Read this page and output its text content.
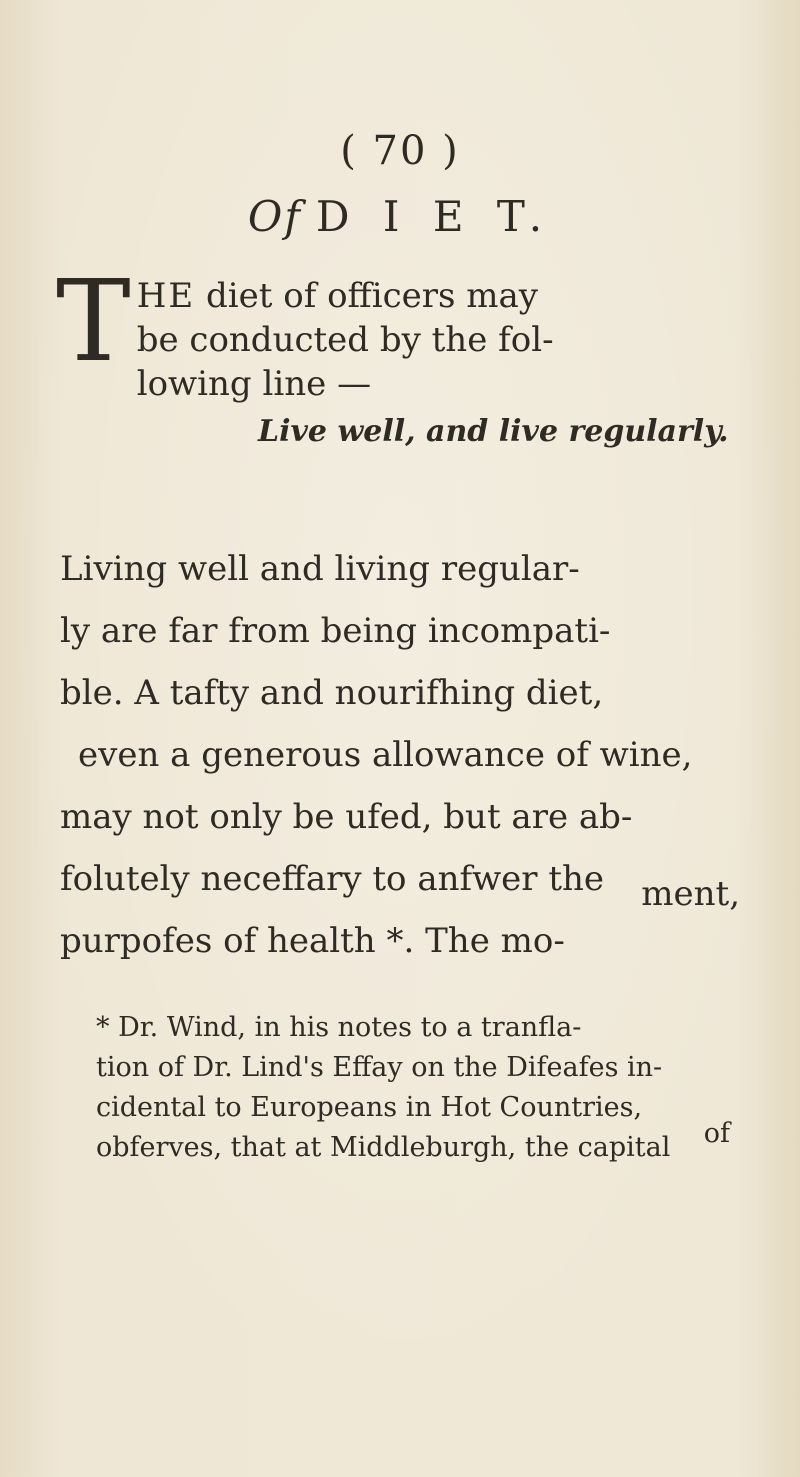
( 70 )
Of D I E T.
T HE diet of officers may
be conducted by the fol-
lowing line —
Live well, and live regularly.
Living well and living regular-
ly are far from being incompati-
ble. A tafty and nourifhing diet,
even a generous allowance of wine,
may not only be ufed, but are ab-
folutely neceffary to anfwer the
purpofes of health *. The mo-
ment,
* Dr. Wind, in his notes to a tranfla-
tion of Dr. Lind's Effay on the Difeafes in-
cidental to Europeans in Hot Countries,
obferves, that at Middleburgh, the capital	of
